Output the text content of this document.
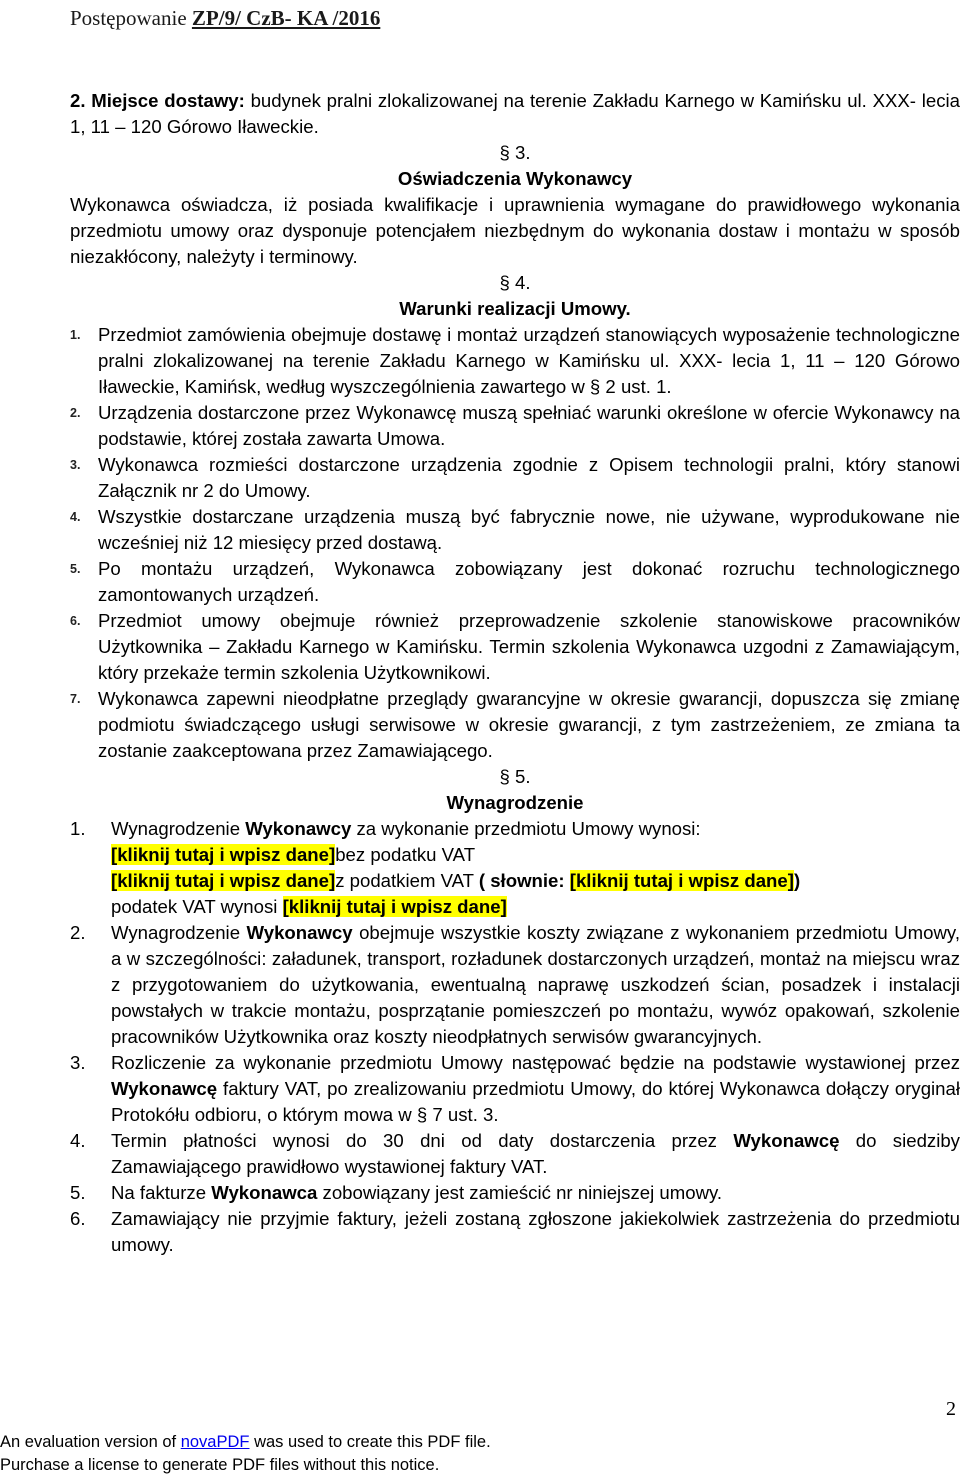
Postępowanie ZP/9/ CzB- KA /2016

2. Miejsce dostawy: budynek pralni zlokalizowanej na terenie Zakładu Karnego w Kamińsku ul. XXX- lecia 1, 11 – 120 Górowo Iławeckie.

§ 3.

Oświadczenia Wykonawcy

Wykonawca oświadcza, iż posiada kwalifikacje i uprawnienia wymagane do prawidłowego wykonania przedmiotu umowy oraz dysponuje potencjałem niezbędnym do wykonania dostaw i montażu w sposób niezakłócony, należyty i terminowy.

§ 4.

Warunki realizacji Umowy.

1. Przedmiot zamówienia obejmuje dostawę i montaż urządzeń stanowiących wyposażenie technologiczne pralni zlokalizowanej na terenie Zakładu Karnego w Kamińsku ul. XXX- lecia 1, 11 – 120 Górowo Iławeckie, Kamińsk, według wyszczególnienia zawartego w § 2 ust. 1.
2. Urządzenia dostarczone przez Wykonawcę muszą spełniać warunki określone w ofercie Wykonawcy na podstawie, której została zawarta Umowa.
3. Wykonawca rozmieści dostarczone urządzenia zgodnie z Opisem technologii pralni, który stanowi Załącznik nr 2 do Umowy.
4. Wszystkie dostarczane urządzenia muszą być fabrycznie nowe, nie używane, wyprodukowane nie wcześniej niż 12 miesięcy przed dostawą.
5. Po montażu urządzeń, Wykonawca zobowiązany jest dokonać rozruchu technologicznego zamontowanych urządzeń.
6. Przedmiot umowy obejmuje również przeprowadzenie szkolenie stanowiskowe pracowników Użytkownika – Zakładu Karnego w Kamińsku. Termin szkolenia Wykonawca uzgodni z Zamawiającym, który przekaże termin szkolenia Użytkownikowi.
7. Wykonawca zapewni nieodpłatne przeglądy gwarancyjne w okresie gwarancji, dopuszcza się zmianę podmiotu świadczącego usługi serwisowe w okresie gwarancji, z tym zastrzeżeniem, ze zmiana ta zostanie zaakceptowana przez Zamawiającego.

§ 5.

Wynagrodzenie

1.	Wynagrodzenie Wykonawcy za wykonanie przedmiotu Umowy wynosi:
[kliknij tutaj i wpisz dane]bez podatku VAT
[kliknij tutaj i wpisz dane]z podatkiem VAT ( słownie: [kliknij tutaj i wpisz dane])
podatek VAT wynosi [kliknij tutaj i wpisz dane]
2.	Wynagrodzenie Wykonawcy obejmuje wszystkie koszty związane z wykonaniem przedmiotu Umowy, a w szczególności: załadunek, transport, rozładunek dostarczonych urządzeń, montaż na miejscu wraz z przygotowaniem do użytkowania, ewentualną naprawę uszkodzeń ścian, posadzek i instalacji powstałych w trakcie montażu, posprzątanie pomieszczeń po montażu, wywóz opakowań, szkolenie pracowników Użytkownika oraz koszty nieodpłatnych serwisów gwarancyjnych.
3.	Rozliczenie za wykonanie przedmiotu Umowy następować będzie na podstawie wystawionej przez Wykonawcę faktury VAT, po zrealizowaniu przedmiotu Umowy, do której Wykonawca dołączy oryginał Protokółu odbioru, o którym mowa w § 7 ust. 3.
4.	Termin płatności wynosi do 30 dni od daty dostarczenia przez Wykonawcę do siedziby Zamawiającego prawidłowo wystawionej faktury VAT.
5.	Na fakturze Wykonawca zobowiązany jest zamieścić nr niniejszej umowy.
6.	Zamawiający nie przyjmie faktury, jeżeli zostaną zgłoszone jakiekolwiek zastrzeżenia do przedmiotu umowy.
2
An evaluation version of novaPDF was used to create this PDF file.
Purchase a license to generate PDF files without this notice.
